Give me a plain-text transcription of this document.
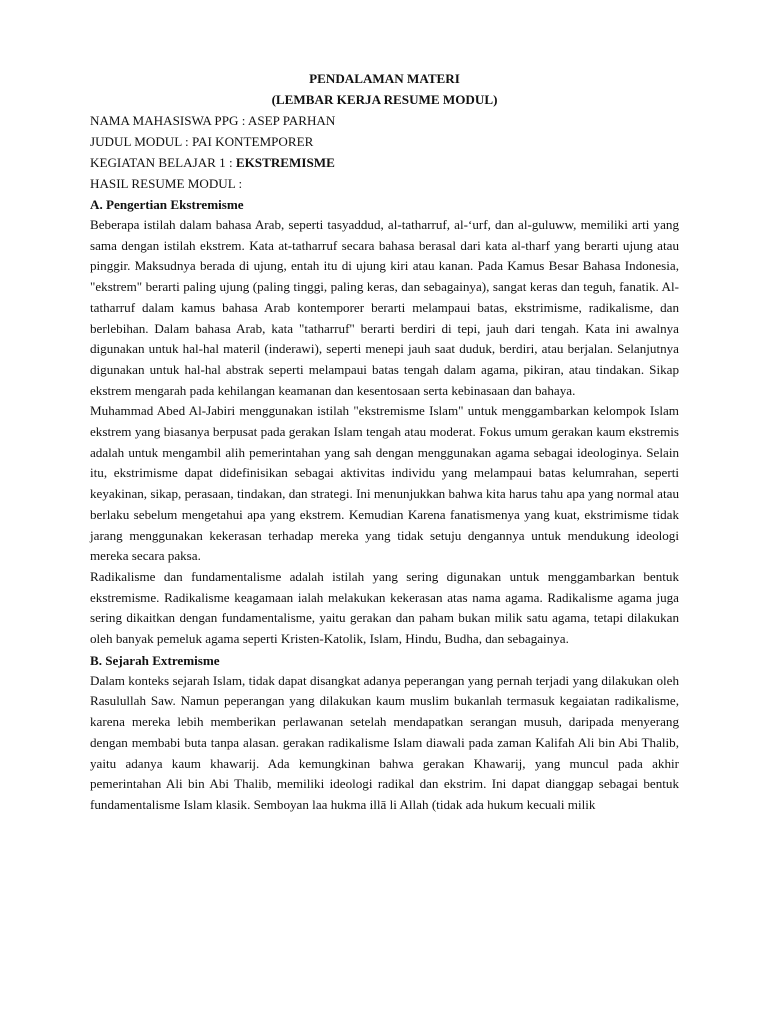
PENDALAMAN MATERI

(LEMBAR KERJA RESUME MODUL)

NAMA MAHASISWA PPG : ASEP PARHAN

JUDUL MODUL : PAI KONTEMPORER

KEGIATAN BELAJAR 1 : EKSTREMISME

HASIL RESUME MODUL :

A. Pengertian Ekstremisme

Beberapa istilah dalam bahasa Arab, seperti tasyaddud, al-tatharruf, al-‘urf, dan al-guluww, memiliki arti yang sama dengan istilah ekstrem. Kata at-tatharruf secara bahasa berasal dari kata al-tharf yang berarti ujung atau pinggir. Maksudnya berada di ujung, entah itu di ujung kiri atau kanan. Pada Kamus Besar Bahasa Indonesia, "ekstrem" berarti paling ujung (paling tinggi, paling keras, dan sebagainya), sangat keras dan teguh, fanatik. Al-tatharruf dalam kamus bahasa Arab kontemporer berarti melampaui batas, ekstrimisme, radikalisme, dan berlebihan. Dalam bahasa Arab, kata "tatharruf" berarti berdiri di tepi, jauh dari tengah. Kata ini awalnya digunakan untuk hal-hal materil (inderawi), seperti menepi jauh saat duduk, berdiri, atau berjalan. Selanjutnya digunakan untuk hal-hal abstrak seperti melampaui batas tengah dalam agama, pikiran, atau tindakan. Sikap ekstrem mengarah pada kehilangan keamanan dan kesentosaan serta kebinasaan dan bahaya.

Muhammad Abed Al-Jabiri menggunakan istilah "ekstremisme Islam" untuk menggambarkan kelompok Islam ekstrem yang biasanya berpusat pada gerakan Islam tengah atau moderat. Fokus umum gerakan kaum ekstremis adalah untuk mengambil alih pemerintahan yang sah dengan menggunakan agama sebagai ideologinya. Selain itu, ekstrimisme dapat didefinisikan sebagai aktivitas individu yang melampaui batas kelumrahan, seperti keyakinan, sikap, perasaan, tindakan, dan strategi. Ini menunjukkan bahwa kita harus tahu apa yang normal atau berlaku sebelum mengetahui apa yang ekstrem. Kemudian Karena fanatismenya yang kuat, ekstrimisme tidak jarang menggunakan kekerasan terhadap mereka yang tidak setuju dengannya untuk mendukung ideologi mereka secara paksa.

Radikalisme dan fundamentalisme adalah istilah yang sering digunakan untuk menggambarkan bentuk ekstremisme. Radikalisme keagamaan ialah melakukan kekerasan atas nama agama. Radikalisme agama juga sering dikaitkan dengan fundamentalisme, yaitu gerakan dan paham bukan milik satu agama, tetapi dilakukan oleh banyak pemeluk agama seperti Kristen-Katolik, Islam, Hindu, Budha, dan sebagainya.

B. Sejarah Extremisme

Dalam konteks sejarah Islam, tidak dapat disangkat adanya peperangan yang pernah terjadi yang dilakukan oleh Rasulullah Saw. Namun peperangan yang dilakukan kaum muslim bukanlah termasuk kegaiatan radikalisme, karena mereka lebih memberikan perlawanan setelah mendapatkan serangan musuh, daripada menyerang dengan membabi buta tanpa alasan. gerakan radikalisme Islam diawali pada zaman Kalifah Ali bin Abi Thalib, yaitu adanya kaum khawarij. Ada kemungkinan bahwa gerakan Khawarij, yang muncul pada akhir pemerintahan Ali bin Abi Thalib, memiliki ideologi radikal dan ekstrim. Ini dapat dianggap sebagai bentuk fundamentalisme Islam klasik. Semboyan laa hukma illā li Allah (tidak ada hukum kecuali milik
